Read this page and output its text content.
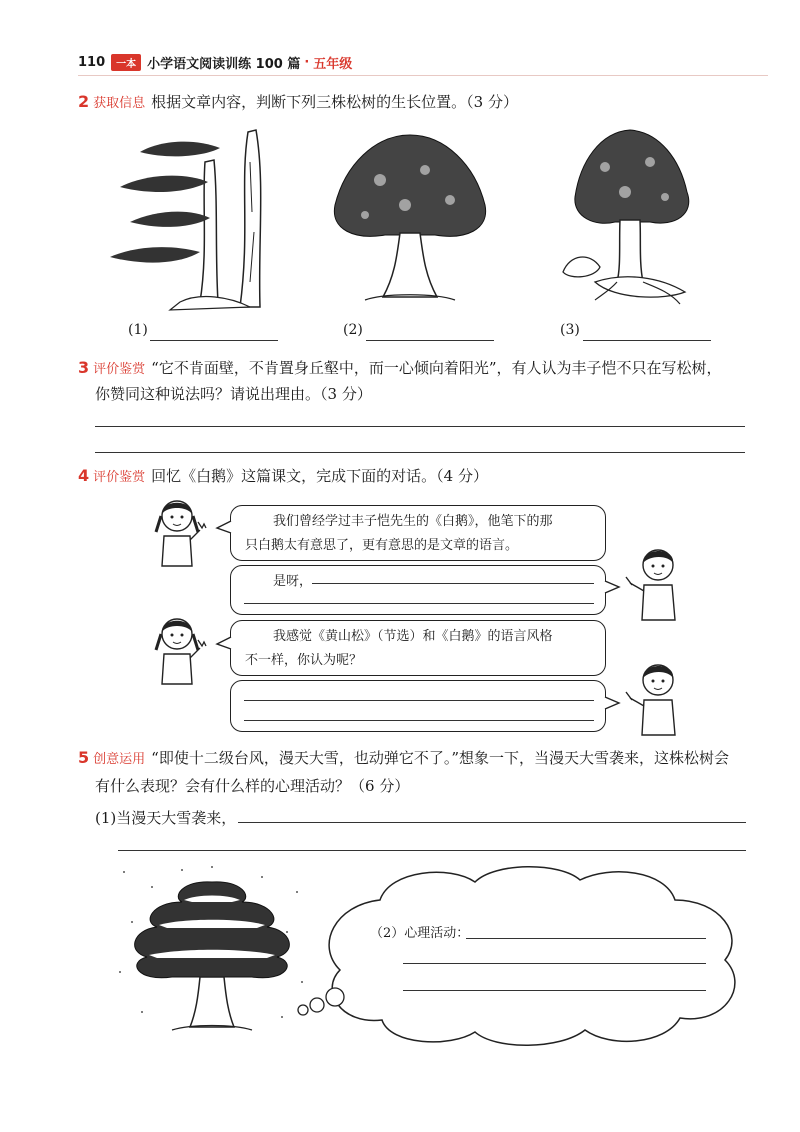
110	一本 小学语文阅读训练 100 篇 · 五年级
2 获取信息 根据文章内容，判断下列三株松树的生长位置。（3 分）
(1)	(2)	(3)
3 评价鉴赏 “它不肯面壁，不肯置身丘壑中，而一心倾向着阳光”，有人认为丰子恺不只在写松树，
你赞同这种说法吗？请说出理由。（3 分）
4 评价鉴赏 回忆《白鹅》这篇课文，完成下面的对话。（4 分）
我们曾经学过丰子恺先生的《白鹅》，他笔下的那
只白鹅太有意思了，更有意思的是文章的语言。
是呀，
我感觉《黄山松》（节选）和《白鹅》的语言风格
不一样，你认为呢？
5 创意运用 “即使十二级台风，漫天大雪，也动弹它不了。”想象一下，当漫天大雪袭来，这株松树会
有什么表现？会有什么样的心理活动？（6 分）
(1)当漫天大雪袭来，
（2）心理活动：
